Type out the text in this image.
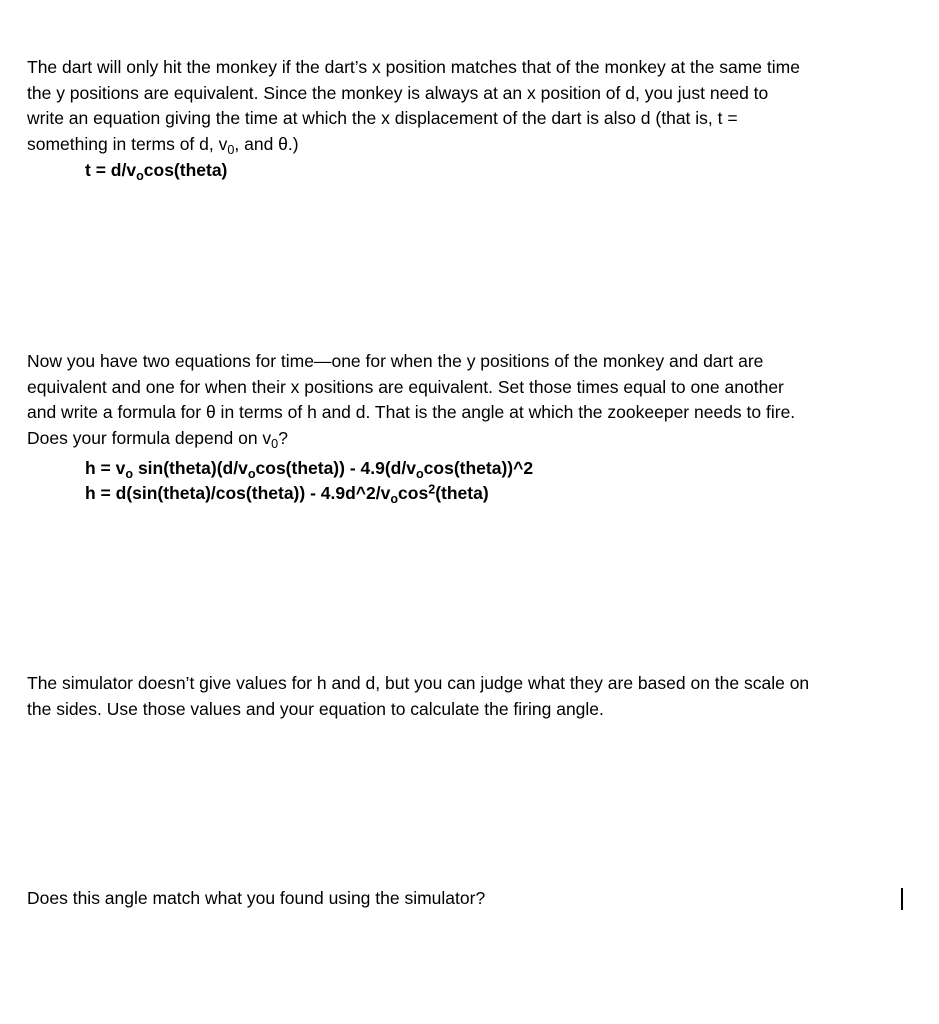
The dart will only hit the monkey if the dart’s x position matches that of the monkey at the same time
the y positions are equivalent. Since the monkey is always at an x position of d, you just need to
write an equation giving the time at which the x displacement of the dart is also d (that is, t =
something in terms of d, $v_0$, and θ.)
$t = d/v_o\cos(theta)$
Now you have two equations for time—one for when the y positions of the monkey and dart are
equivalent and one for when their x positions are equivalent. Set those times equal to one another
and write a formula for θ in terms of h and d. That is the angle at which the zookeeper needs to fire.
Does your formula depend on $v_0$?
$h = v_o$ $\sin(theta)(d/v_o\cos(theta))$ - $4.9(d/v_o\cos(theta))\^{}2$
h = d(sin(theta)/cos(theta)) - $4.9d\^{}2/v_o\cos^2(theta)$
The simulator doesn’t give values for h and d, but you can judge what they are based on the scale on
the sides. Use those values and your equation to calculate the firing angle.
Does this angle match what you found using the simulator?
